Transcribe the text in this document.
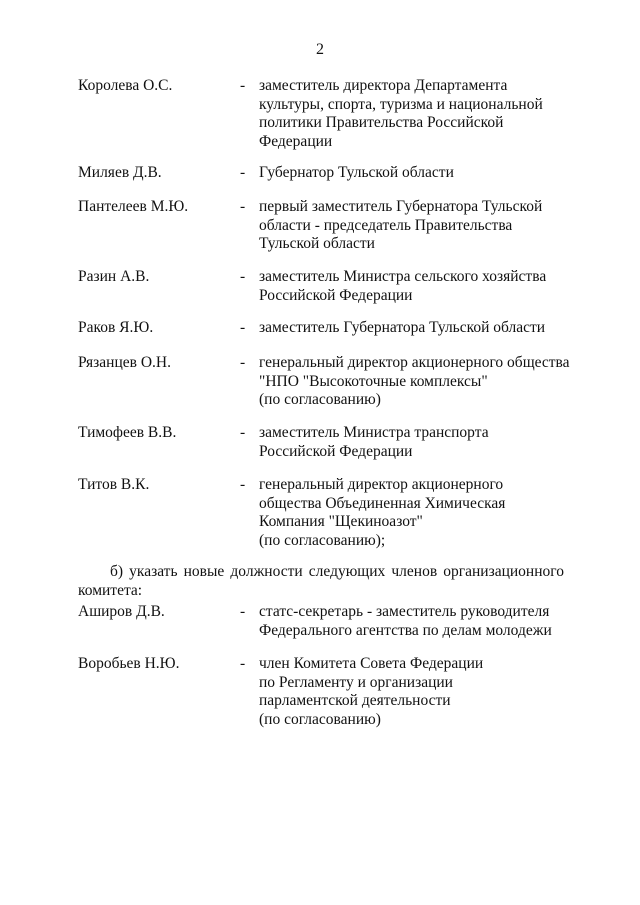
2
Королева О.С.	- заместитель директора Департамента
культуры, спорта, туризма и национальной
политики Правительства Российской
Федерации
Миляев Д.В.	- Губернатор Тульской области
Пантелеев М.Ю.	- первый заместитель Губернатора Тульской
области - председатель Правительства
Тульской области
Разин А.В.	- заместитель Министра сельского хозяйства
Российской Федерации
Раков Я.Ю.	- заместитель Губернатора Тульской области
Рязанцев О.Н.	- генеральный директор акционерного общества
"НПО "Высокоточные комплексы"
(по согласованию)
Тимофеев В.В.	- заместитель Министра транспорта
Российской Федерации
Титов В.К.	- генеральный директор акционерного
общества Объединенная Химическая
Компания "Щекиноазот"
(по согласованию);
б) указать новые должности следующих членов организационного
комитета:
Аширов Д.В.	- статс-секретарь - заместитель руководителя
Федерального агентства по делам молодежи
Воробьев Н.Ю.	- член Комитета Совета Федерации
по Регламенту и организации
парламентской деятельности
(по согласованию)
